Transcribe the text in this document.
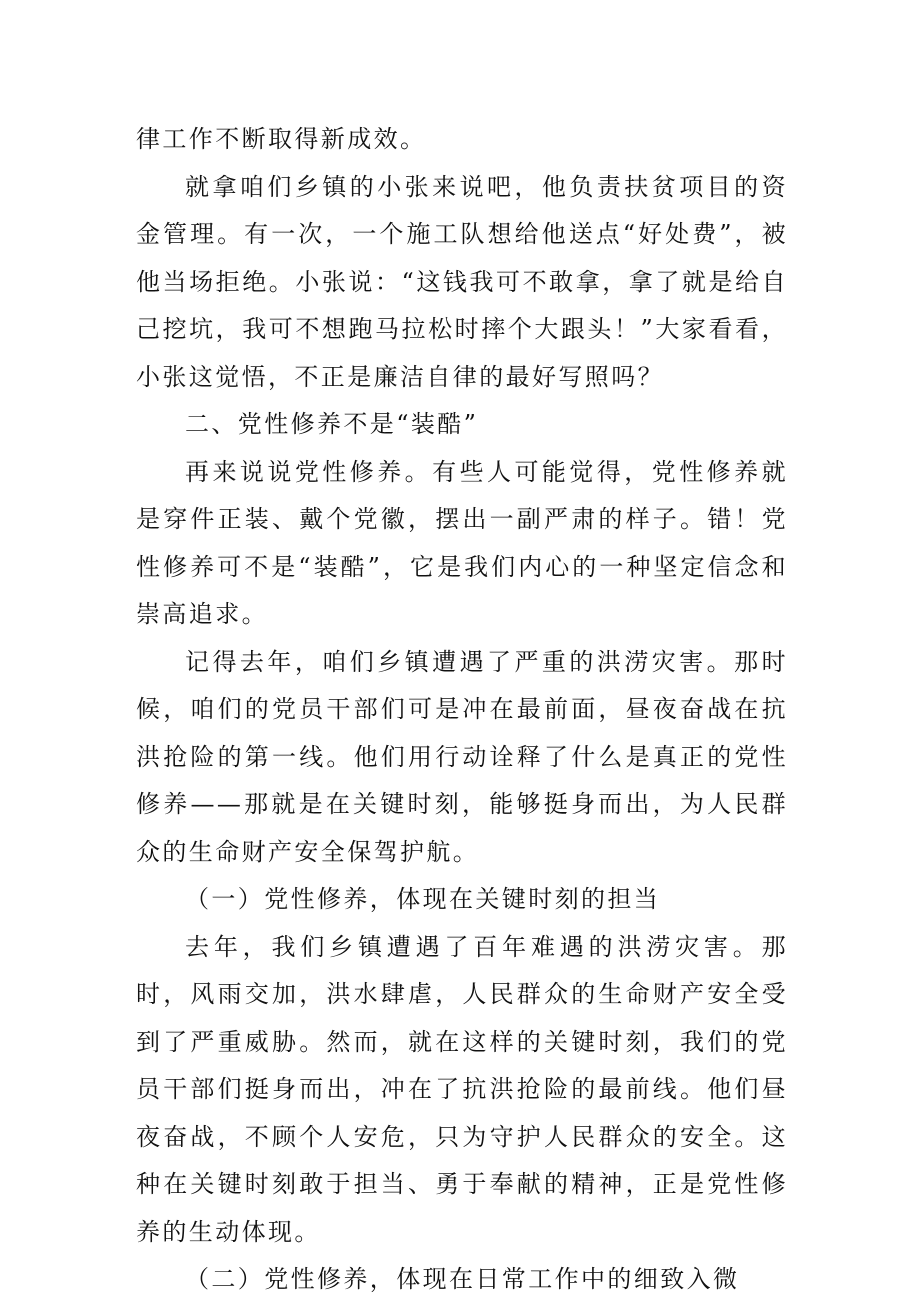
律工作不断取得新成效。

就拿咱们乡镇的小张来说吧，他负责扶贫项目的资金管理。有一次，一个施工队想给他送点“好处费”，被他当场拒绝。小张说：“这钱我可不敢拿，拿了就是给自己挖坑，我可不想跑马拉松时摔个大跟头！”大家看看，小张这觉悟，不正是廉洁自律的最好写照吗？

二、党性修养不是“装酷”

再来说说党性修养。有些人可能觉得，党性修养就是穿件正装、戴个党徽，摆出一副严肃的样子。错！党性修养可不是“装酷”，它是我们内心的一种坚定信念和崇高追求。

记得去年，咱们乡镇遭遇了严重的洪涝灾害。那时候，咱们的党员干部们可是冲在最前面，昼夜奋战在抗洪抢险的第一线。他们用行动诠释了什么是真正的党性修养——那就是在关键时刻，能够挺身而出，为人民群众的生命财产安全保驾护航。

（一）党性修养，体现在关键时刻的担当

去年，我们乡镇遭遇了百年难遇的洪涝灾害。那时，风雨交加，洪水肆虐，人民群众的生命财产安全受到了严重威胁。然而，就在这样的关键时刻，我们的党员干部们挺身而出，冲在了抗洪抢险的最前线。他们昼夜奋战，不顾个人安危，只为守护人民群众的安全。这种在关键时刻敢于担当、勇于奉献的精神，正是党性修养的生动体现。

（二）党性修养，体现在日常工作中的细致入微
